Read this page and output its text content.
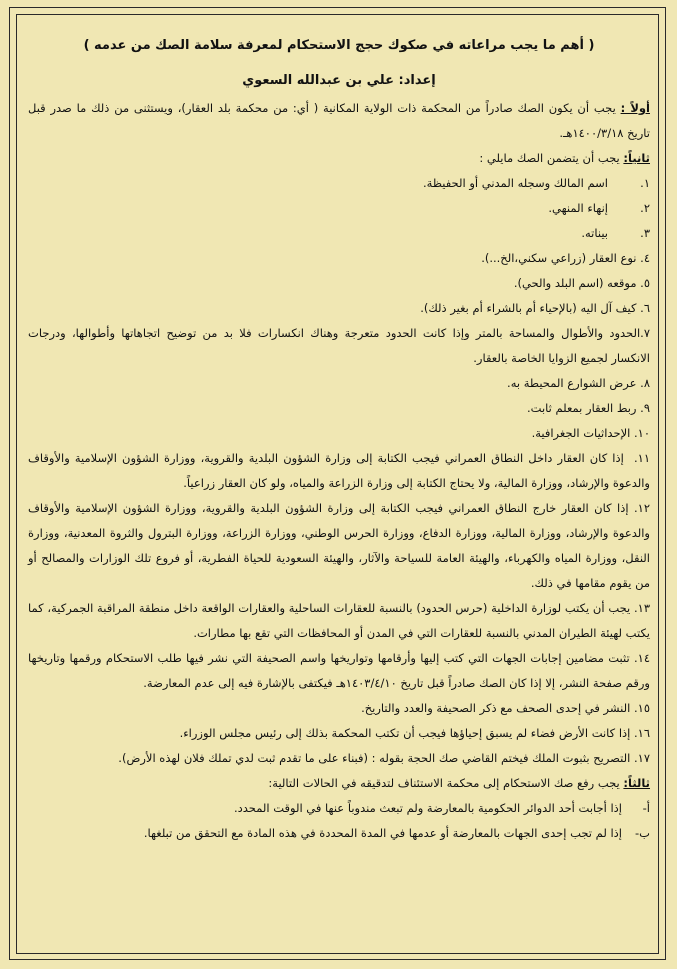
( أهم ما يجب مراعاته في صكوك حجج الاستحكام لمعرفة سلامة الصك من عدمه )
إعداد: علي بن عبدالله السعوي

أولاً : يجب أن يكون الصك صادراً من المحكمة ذات الولاية المكانية ( أي: من محكمة بلد العقار)، ويستثنى من ذلك ما صدر قبل تاريخ ١٤٠٠/٣/١٨هـ.

ثانياً: يجب أن يتضمن الصك مايلي :

١.اسم المالك وسجله المدني أو الحفيظة.

٢.إنهاء المنهي.

٣.بيناته.

٤. نوع العقار (زراعي سكني،الخ...).

٥. موقعه (اسم البلد والحي).

٦. كيف آل اليه (بالإحياء أم بالشراء أم بغير ذلك).

٧.الحدود والأطوال والمساحة بالمتر وإذا كانت الحدود متعرجة وهناك انكسارات فلا بد من توضيح اتجاهاتها وأطوالها، ودرجات الانكسار لجميع الزوايا الخاصة بالعقار.

٨. عرض الشوارع المحيطة به.

٩. ربط العقار بمعلم ثابت.

١٠. الإحداثيات الجغرافية.

١١.  إذا كان العقار داخل النطاق العمراني فيجب الكتابة إلى وزارة الشؤون البلدية والقروية، ووزارة الشؤون الإسلامية والأوقاف والدعوة والإرشاد، ووزارة المالية، ولا يحتاج الكتابة إلى وزارة الزراعة والمياه، ولو كان العقار زراعياً.

١٢. إذا كان العقار خارج النطاق العمراني فيجب الكتابة إلى وزارة الشؤون البلدية والقروية، ووزارة الشؤون الإسلامية والأوقاف والدعوة والإرشاد، ووزارة المالية، ووزارة الدفاع، ووزارة الحرس الوطني، ووزارة الزراعة، ووزارة البترول والثروة المعدنية، ووزارة النقل، ووزارة المياه والكهرباء، والهيئة العامة للسياحة والآثار، والهيئة السعودية للحياة الفطرية، أو فروع تلك الوزارات والمصالح أو من يقوم مقامها في ذلك.

١٣. يجب أن يكتب لوزارة الداخلية (حرس الحدود) بالنسبة للعقارات الساحلية والعقارات الواقعة داخل منطقة المراقبة الجمركية، كما يكتب لهيئة الطيران المدني بالنسبة للعقارات التي في المدن أو المحافظات التي تقع بها مطارات.

١٤. تثبت مضامين إجابات الجهات التي كتب إليها وأرقامها وتواريخها واسم الصحيفة التي نشر فيها طلب الاستحكام ورقمها وتاريخها ورقم صفحة النشر، إلا إذا كان الصك صادراً قبل تاريخ ١٤٠٣/٤/١٠هـ فيكتفى بالإشارة فيه إلى عدم المعارضة.

١٥. النشر في إحدى الصحف مع ذكر الصحيفة والعدد والتاريخ.

١٦. إذا كانت الأرض فضاء لم يسبق إحياؤها فيجب أن تكتب المحكمة بذلك إلى رئيس مجلس الوزراء.

١٧. التصريح بثبوت الملك فيختم القاضي صك الحجة بقوله : (فبناء على ما تقدم ثبت لدي تملك فلان لهذه الأرض).

ثالثاً: يجب رفع صك الاستحكام إلى محكمة الاستئناف لتدقيقه في الحالات التالية:

أ-إذا أجابت أحد الدوائر الحكومية بالمعارضة ولم تبعث مندوباً عنها في الوقت المحدد.

ب-إذا لم تجب إحدى الجهات بالمعارضة أو عدمها في المدة المحددة في هذه المادة مع التحقق من تبلغها.
